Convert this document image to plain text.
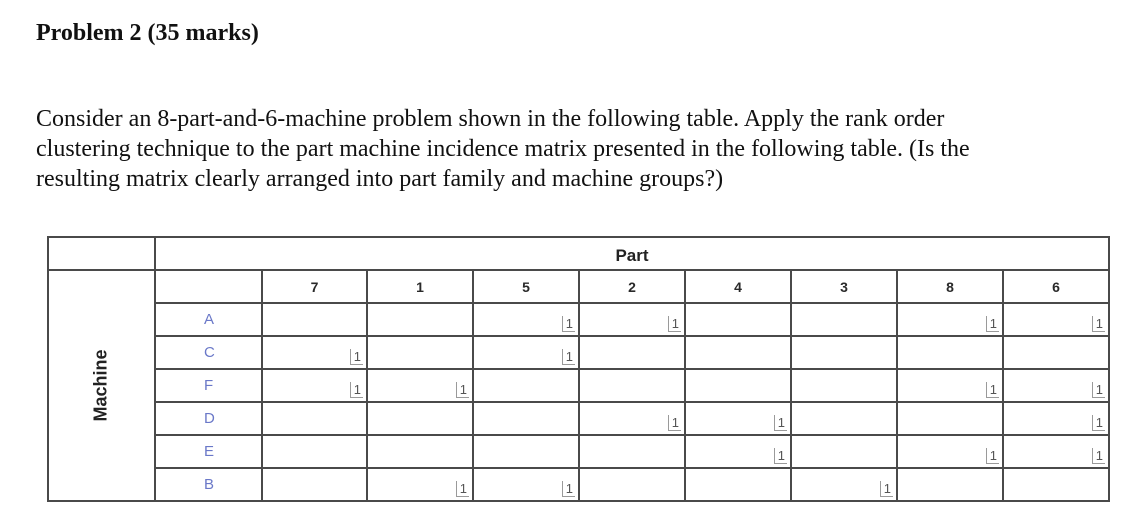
Problem 2 (35 marks)
Consider an 8-part-and-6-machine problem shown in the following table. Apply the rank order
clustering technique to the part machine incidence matrix presented in the following table. (Is the
resulting matrix clearly arranged into part family and machine groups?)
	Part								
Machine		7	1	5	2	4	3	8	6
	A			1	1			1	1

	C	1		1					

	F	1	1					1	1

	D				1	1			1

	E					1		1	1

	B		1	1			1		
